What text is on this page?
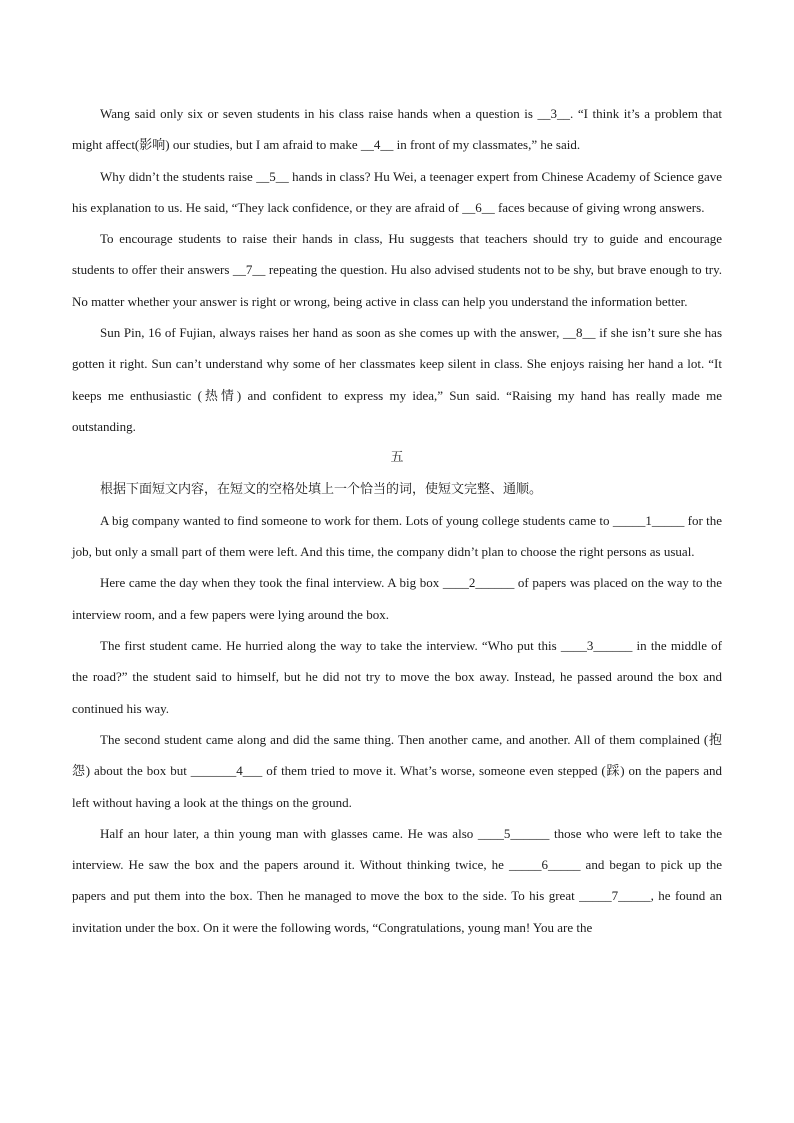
Wang said only six or seven students in his class raise hands when a question is __3__. “I think it’s a problem that might affect(影响) our studies, but I am afraid to make __4__ in front of my classmates,” he said.

Why didn’t the students raise __5__ hands in class? Hu Wei, a teenager expert from Chinese Academy of Science gave his explanation to us. He said, “They lack confidence, or they are afraid of __6__ faces because of giving wrong answers.

To encourage students to raise their hands in class, Hu suggests that teachers should try to guide and encourage students to offer their answers __7__ repeating the question. Hu also advised students not to be shy, but brave enough to try. No matter whether your answer is right or wrong, being active in class can help you understand the information better.

Sun Pin, 16 of Fujian, always raises her hand as soon as she comes up with the answer, __8__ if she isn’t sure she has gotten it right. Sun can’t understand why some of her classmates keep silent in class. She enjoys raising her hand a lot. “It keeps me enthusiastic (热情) and confident to express my idea,” Sun said. “Raising my hand has really made me outstanding.

五

根据下面短文内容，在短文的空格处填上一个恰当的词，使短文完整、通顺。

A big company wanted to find someone to work for them. Lots of young college students came to _____1_____ for the job, but only a small part of them were left. And this time, the company didn’t plan to choose the right persons as usual.

Here came the day when they took the final interview. A big box ____2______ of papers was placed on the way to the interview room, and a few papers were lying around the box.

The first student came. He hurried along the way to take the interview. “Who put this ____3______ in the middle of the road?” the student said to himself, but he did not try to move the box away. Instead, he passed around the box and continued his way.

The second student came along and did the same thing. Then another came, and another. All of them complained (抱怨) about the box but _______4___ of them tried to move it. What’s worse, someone even stepped (踩) on the papers and left without having a look at the things on the ground.

Half an hour later, a thin young man with glasses came. He was also ____5______ those who were left to take the interview. He saw the box and the papers around it. Without thinking twice, he _____6_____ and began to pick up the papers and put them into the box. Then he managed to move the box to the side. To his great _____7_____, he found an invitation under the box. On it were the following words, “Congratulations, young man! You are the
